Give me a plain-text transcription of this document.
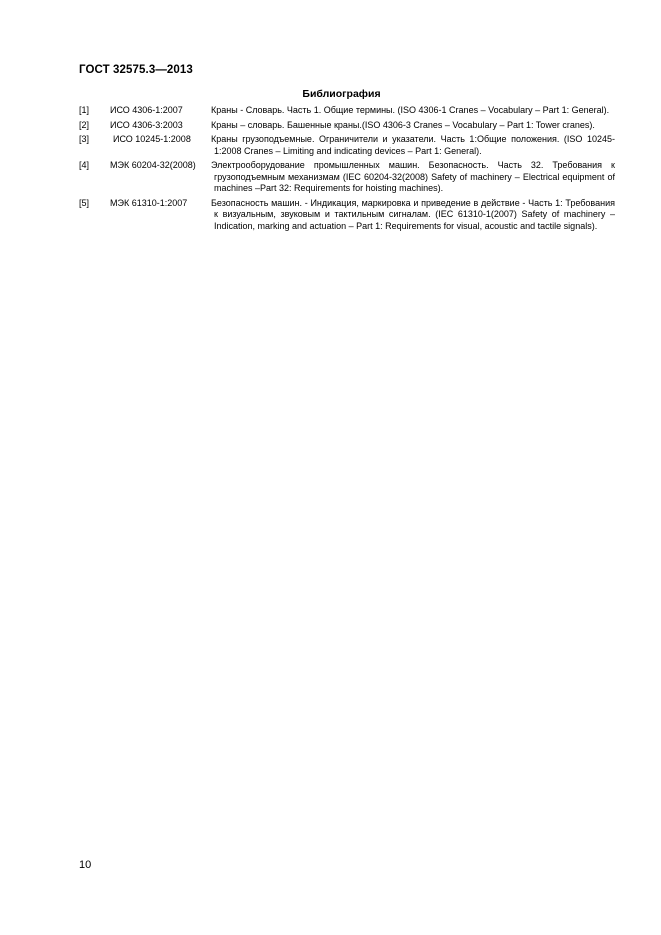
ГОСТ 32575.3—2013
Библиография
[1]	ИСО 4306-1:2007	Краны - Словарь. Часть 1. Общие термины. (ISO 4306-1 Cranes – Vocabulary – Part 1: General).
[2]	ИСО 4306-3:2003	Краны – словарь. Башенные краны.(ISO 4306-3 Cranes – Vocabulary – Part 1: Tower cranes).
[3]	ИСО 10245-1:2008	Краны грузоподъемные. Ограничители и указатели. Часть 1:Общие положения. (ISO 10245-1:2008 Cranes – Limiting and indicating devices – Part 1: General).
[4]	МЭК 60204-32(2008)	Электрооборудование промышленных машин. Безопасность. Часть 32. Требования к грузоподъемным механизмам (IEC 60204-32(2008) Safety of machinery – Electrical equipment of machines –Part 32: Requirements for hoisting machines).
[5]	МЭК 61310-1:2007	Безопасность машин. - Индикация, маркировка и приведение в действие - Часть 1: Требования к визуальным, звуковым и тактильным сигналам. (IEC 61310-1(2007) Safety of machinery – Indication, marking and actuation – Part 1: Requirements for visual, acoustic and tactile signals).
10
